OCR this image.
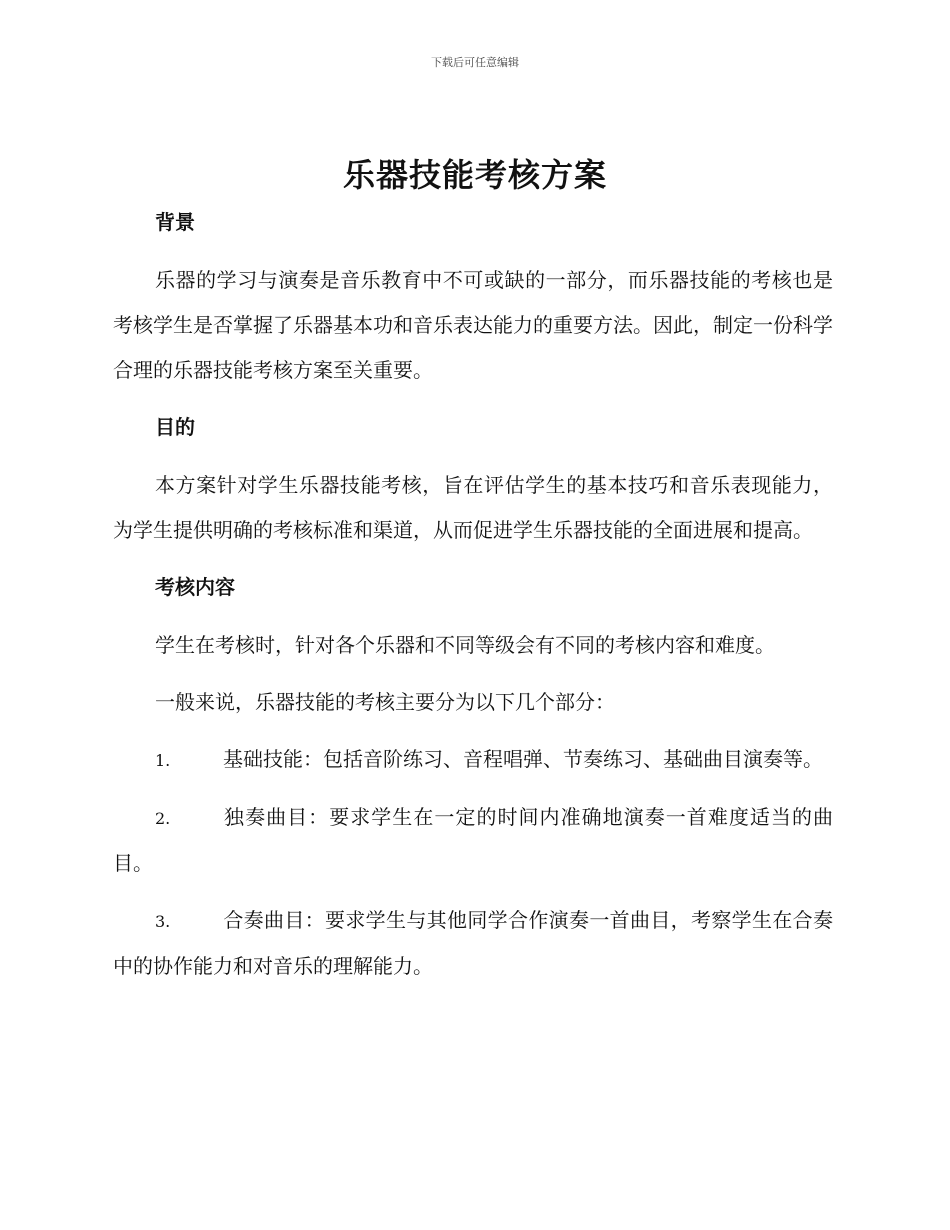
下载后可任意编辑
乐器技能考核方案
背景

乐器的学习与演奏是音乐教育中不可或缺的一部分，而乐器技能的考核也是考核学生是否掌握了乐器基本功和音乐表达能力的重要方法。因此，制定一份科学合理的乐器技能考核方案至关重要。

目的

本方案针对学生乐器技能考核，旨在评估学生的基本技巧和音乐表现能力，为学生提供明确的考核标准和渠道，从而促进学生乐器技能的全面进展和提高。

考核内容

学生在考核时，针对各个乐器和不同等级会有不同的考核内容和难度。

一般来说，乐器技能的考核主要分为以下几个部分：

1.	基础技能：包括音阶练习、音程唱弹、节奏练习、基础曲目演奏等。

2.	独奏曲目：要求学生在一定的时间内准确地演奏一首难度适当的曲目。

3.	合奏曲目：要求学生与其他同学合作演奏一首曲目，考察学生在合奏中的协作能力和对音乐的理解能力。
